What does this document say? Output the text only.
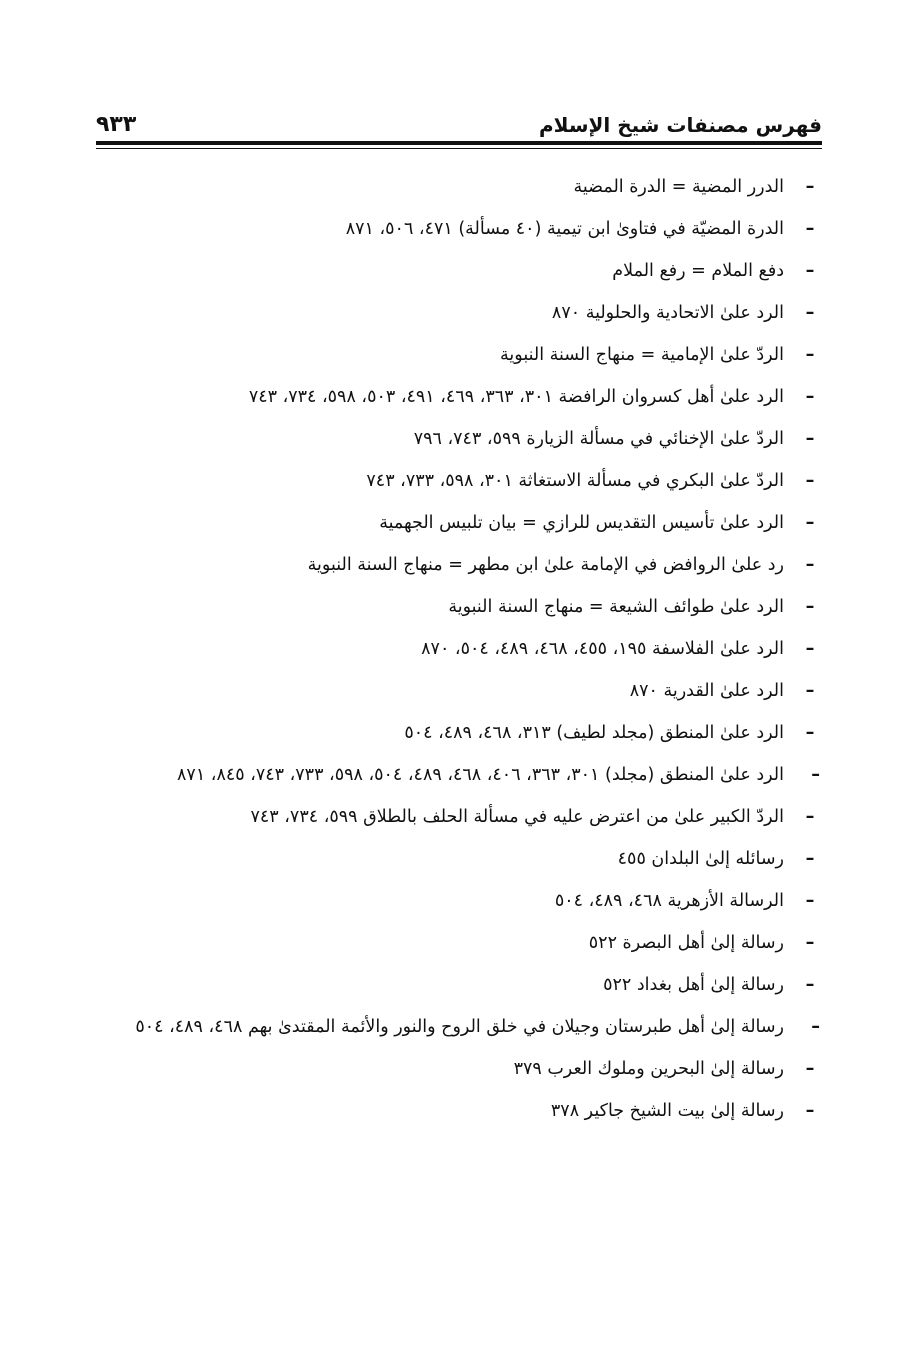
فهرس مصنفات شيخ الإسلام
٩٣٣
–
الدرر المضية = الدرة المضية
–
الدرة المضيّة في فتاوىٰ ابن تيمية (٤٠ مسألة) ٤٧١، ٥٠٦، ٨٧١
–
دفع الملام = رفع الملام
–
الرد علىٰ الاتحادية والحلولية ٨٧٠
–
الردّ علىٰ الإمامية = منهاج السنة النبوية
–
الرد علىٰ أهل كسروان الرافضة ٣٠١، ٣٦٣، ٤٦٩، ٤٩١، ٥٠٣، ٥٩٨، ٧٣٤، ٧٤٣
–
الردّ علىٰ الإخنائي في مسألة الزيارة ٥٩٩، ٧٤٣، ٧٩٦
–
الردّ علىٰ البكري في مسألة الاستغاثة ٣٠١، ٥٩٨، ٧٣٣، ٧٤٣
–
الرد علىٰ تأسيس التقديس للرازي = بيان تلبيس الجهمية
–
رد علىٰ الروافض في الإمامة علىٰ ابن مطهر = منهاج السنة النبوية
–
الرد علىٰ طوائف الشيعة = منهاج السنة النبوية
–
الرد علىٰ الفلاسفة ١٩٥، ٤٥٥، ٤٦٨، ٤٨٩، ٥٠٤، ٨٧٠
–
الرد علىٰ القدرية ٨٧٠
–
الرد علىٰ المنطق (مجلد لطيف) ٣١٣، ٤٦٨، ٤٨٩، ٥٠٤
–
الرد علىٰ المنطق (مجلد) ٣٠١، ٣٦٣، ٤٠٦، ٤٦٨، ٤٨٩، ٥٠٤، ٥٩٨، ٧٣٣، ٧٤٣، ٨٤٥، ٨٧١
–
الردّ الكبير علىٰ من اعترض عليه في مسألة الحلف بالطلاق ٥٩٩، ٧٣٤، ٧٤٣
–
رسائله إلىٰ البلدان ٤٥٥
–
الرسالة الأزهرية ٤٦٨، ٤٨٩، ٥٠٤
–
رسالة إلىٰ أهل البصرة ٥٢٢
–
رسالة إلىٰ أهل بغداد ٥٢٢
–
رسالة إلىٰ أهل طبرستان وجيلان في خلق الروح والنور والأئمة المقتدىٰ بهم ٤٦٨، ٤٨٩، ٥٠٤
–
رسالة إلىٰ البحرين وملوك العرب ٣٧٩
–
رسالة إلىٰ بيت الشيخ جاكير ٣٧٨
